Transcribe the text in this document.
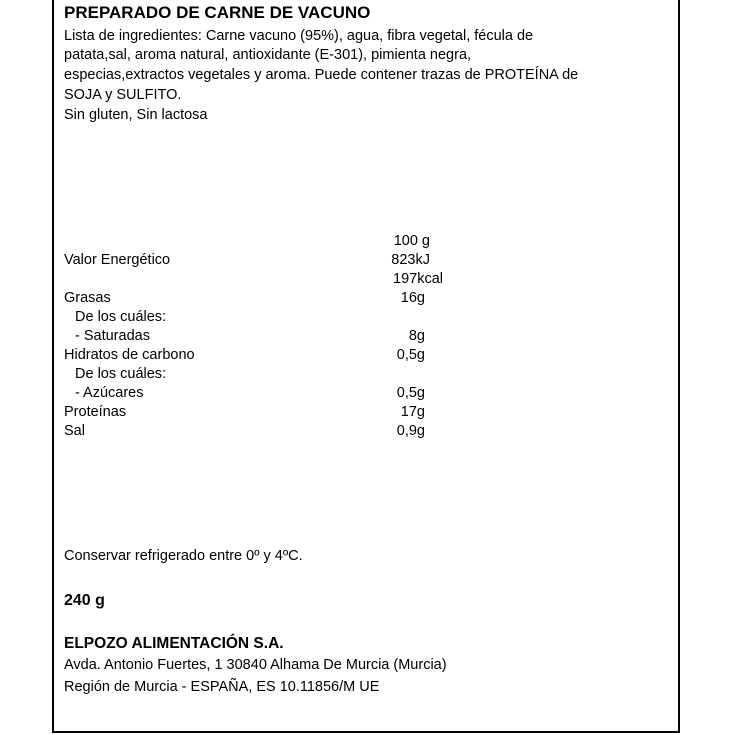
PREPARADO DE CARNE DE VACUNO
Lista de ingredientes: Carne vacuno (95%), agua, fibra vegetal, fécula de
patata,sal, aroma natural, antioxidante (E-301), pimienta negra,
especias,extractos vegetales y aroma. Puede contener trazas de PROTEÍNA de
SOJA y SULFITO.
Sin gluten, Sin lactosa
100 g
Valor Energético	823kJ
197kcal
Grasas	16g
De los cuáles:
- Saturadas	8g
Hidratos de carbono	0,5g
De los cuáles:
- Azúcares	0,5g
Proteínas	17g
Sal	0,9g
Conservar refrigerado entre 0º y 4ºC.
240 g
ELPOZO ALIMENTACIÓN S.A.
Avda. Antonio Fuertes, 1 30840 Alhama De Murcia (Murcia)
Región de Murcia - ESPAÑA, ES 10.11856/M UE
